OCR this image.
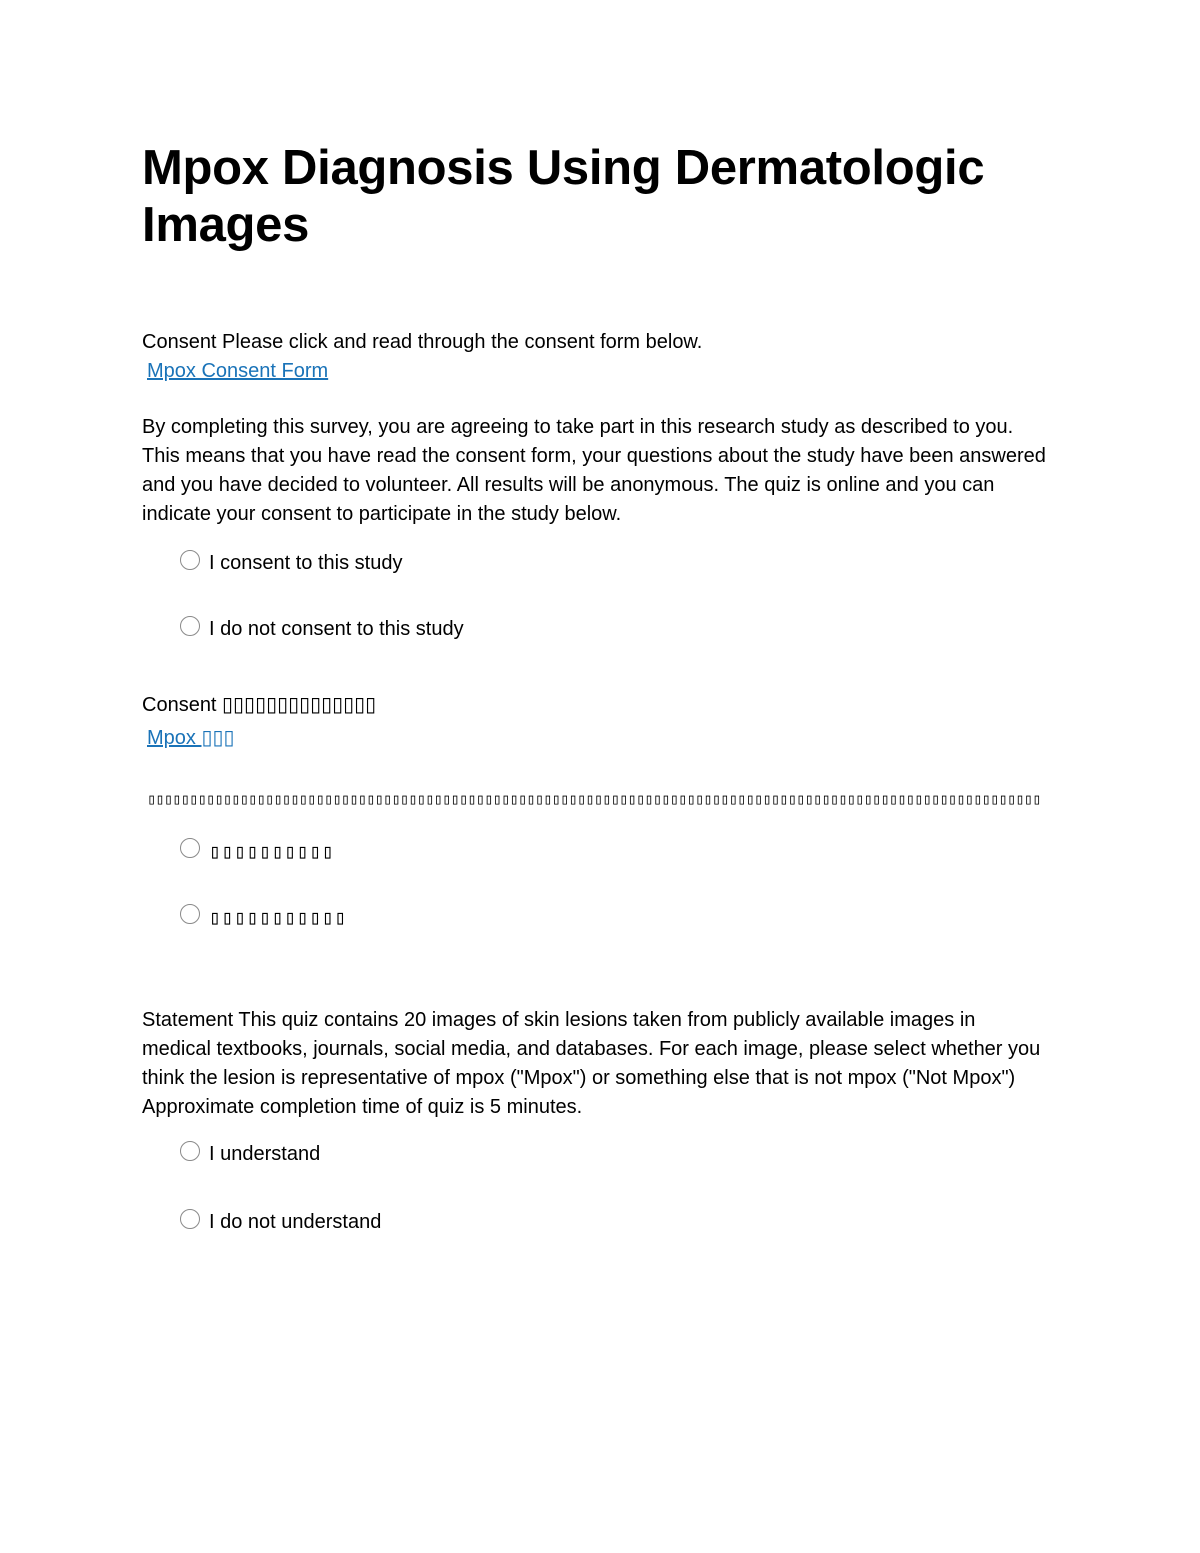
Mpox Diagnosis Using Dermatologic Images
Consent Please click and read through the consent form below.
Mpox Consent Form
By completing this survey, you are agreeing to take part in this research study as described to you. This means that you have read the consent form, your questions about the study have been answered and you have decided to volunteer. All results will be anonymous. The quiz is online and you can indicate your consent to participate in the study below.
I consent to this study
I do not consent to this study
Consent ▯▯▯▯▯▯▯▯▯▯▯▯▯▯
Mpox ▯▯▯
▯▯▯▯▯▯▯▯▯▯▯▯▯▯▯▯▯▯▯▯▯▯▯▯▯▯▯▯▯▯▯▯▯▯▯▯▯▯▯▯▯▯▯▯▯▯▯▯▯▯▯▯▯▯▯▯▯▯▯▯▯▯▯▯▯▯▯▯▯▯▯▯▯▯▯▯▯▯▯▯▯▯▯▯▯▯▯▯▯▯▯▯▯▯▯▯▯▯▯▯▯▯▯▯▯▯
▯▯▯▯▯▯▯▯▯▯
▯▯▯▯▯▯▯▯▯▯▯
Statement This quiz contains 20 images of skin lesions taken from publicly available images in medical textbooks, journals, social media, and databases. For each image, please select whether you think the lesion is representative of mpox ("Mpox") or something else that is not mpox ("Not Mpox") Approximate completion time of quiz is 5 minutes.
I understand
I do not understand
